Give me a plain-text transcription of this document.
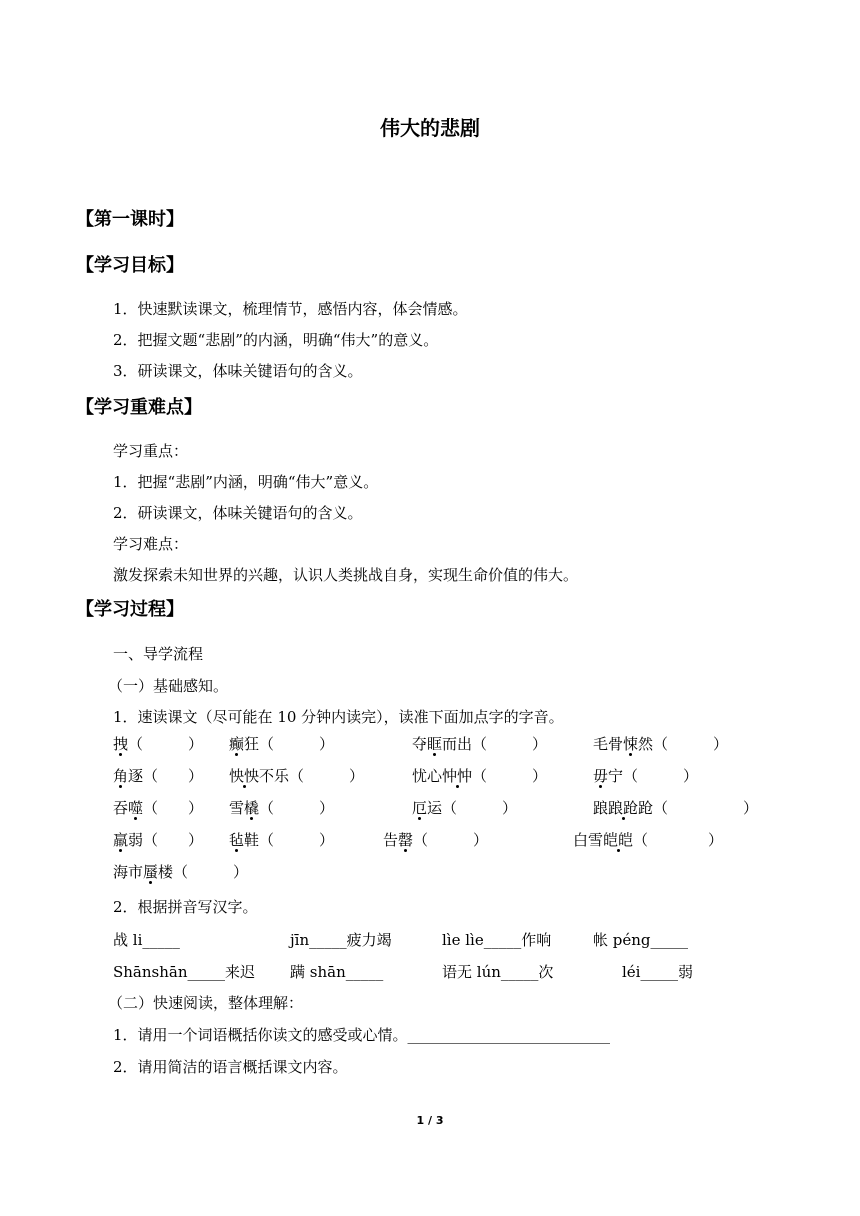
伟大的悲剧
【第一课时】
【学习目标】
1．快速默读课文，梳理情节，感悟内容，体会情感。
2．把握文题“悲剧”的内涵，明确“伟大”的意义。
3．研读课文，体味关键语句的含义。
【学习重难点】
学习重点：
1．把握“悲剧”内涵，明确“伟大”意义。
2．研读课文，体味关键语句的含义。
学习难点：
激发探索未知世界的兴趣，认识人类挑战自身，实现生命价值的伟大。
【学习过程】
一、导学流程
（一）基础感知。
1．速读课文（尽可能在 10 分钟内读完），读准下面加点字的字音。
拽（　　　） 癫狂（　　　）	夺眶而出（　　　）	毛骨悚然（　　　）
角逐（　　） 怏怏不乐（　　　）	忧心忡忡（　　　）	毋宁（　　　）
吞噬（　　） 雪橇（　　　）	厄运（　　　）	踉踉跄跄（　　　　　）
羸弱（　　） 毡鞋（　　　）	告罄（　　　）	白雪皑皑（　　　　）
海市蜃楼（　　　）
2．根据拼音写汉字。
战 li_____	jīn_____疲力竭	lìe lìe_____作响	帐 péng_____
Shānshān_____来迟 蹒 shān_____	语无 lún_____次	léi_____弱
（二）快速阅读，整体理解：
1．请用一个词语概括你读文的感受或心情。___________________________
2．请用简洁的语言概括课文内容。
1 / 3
